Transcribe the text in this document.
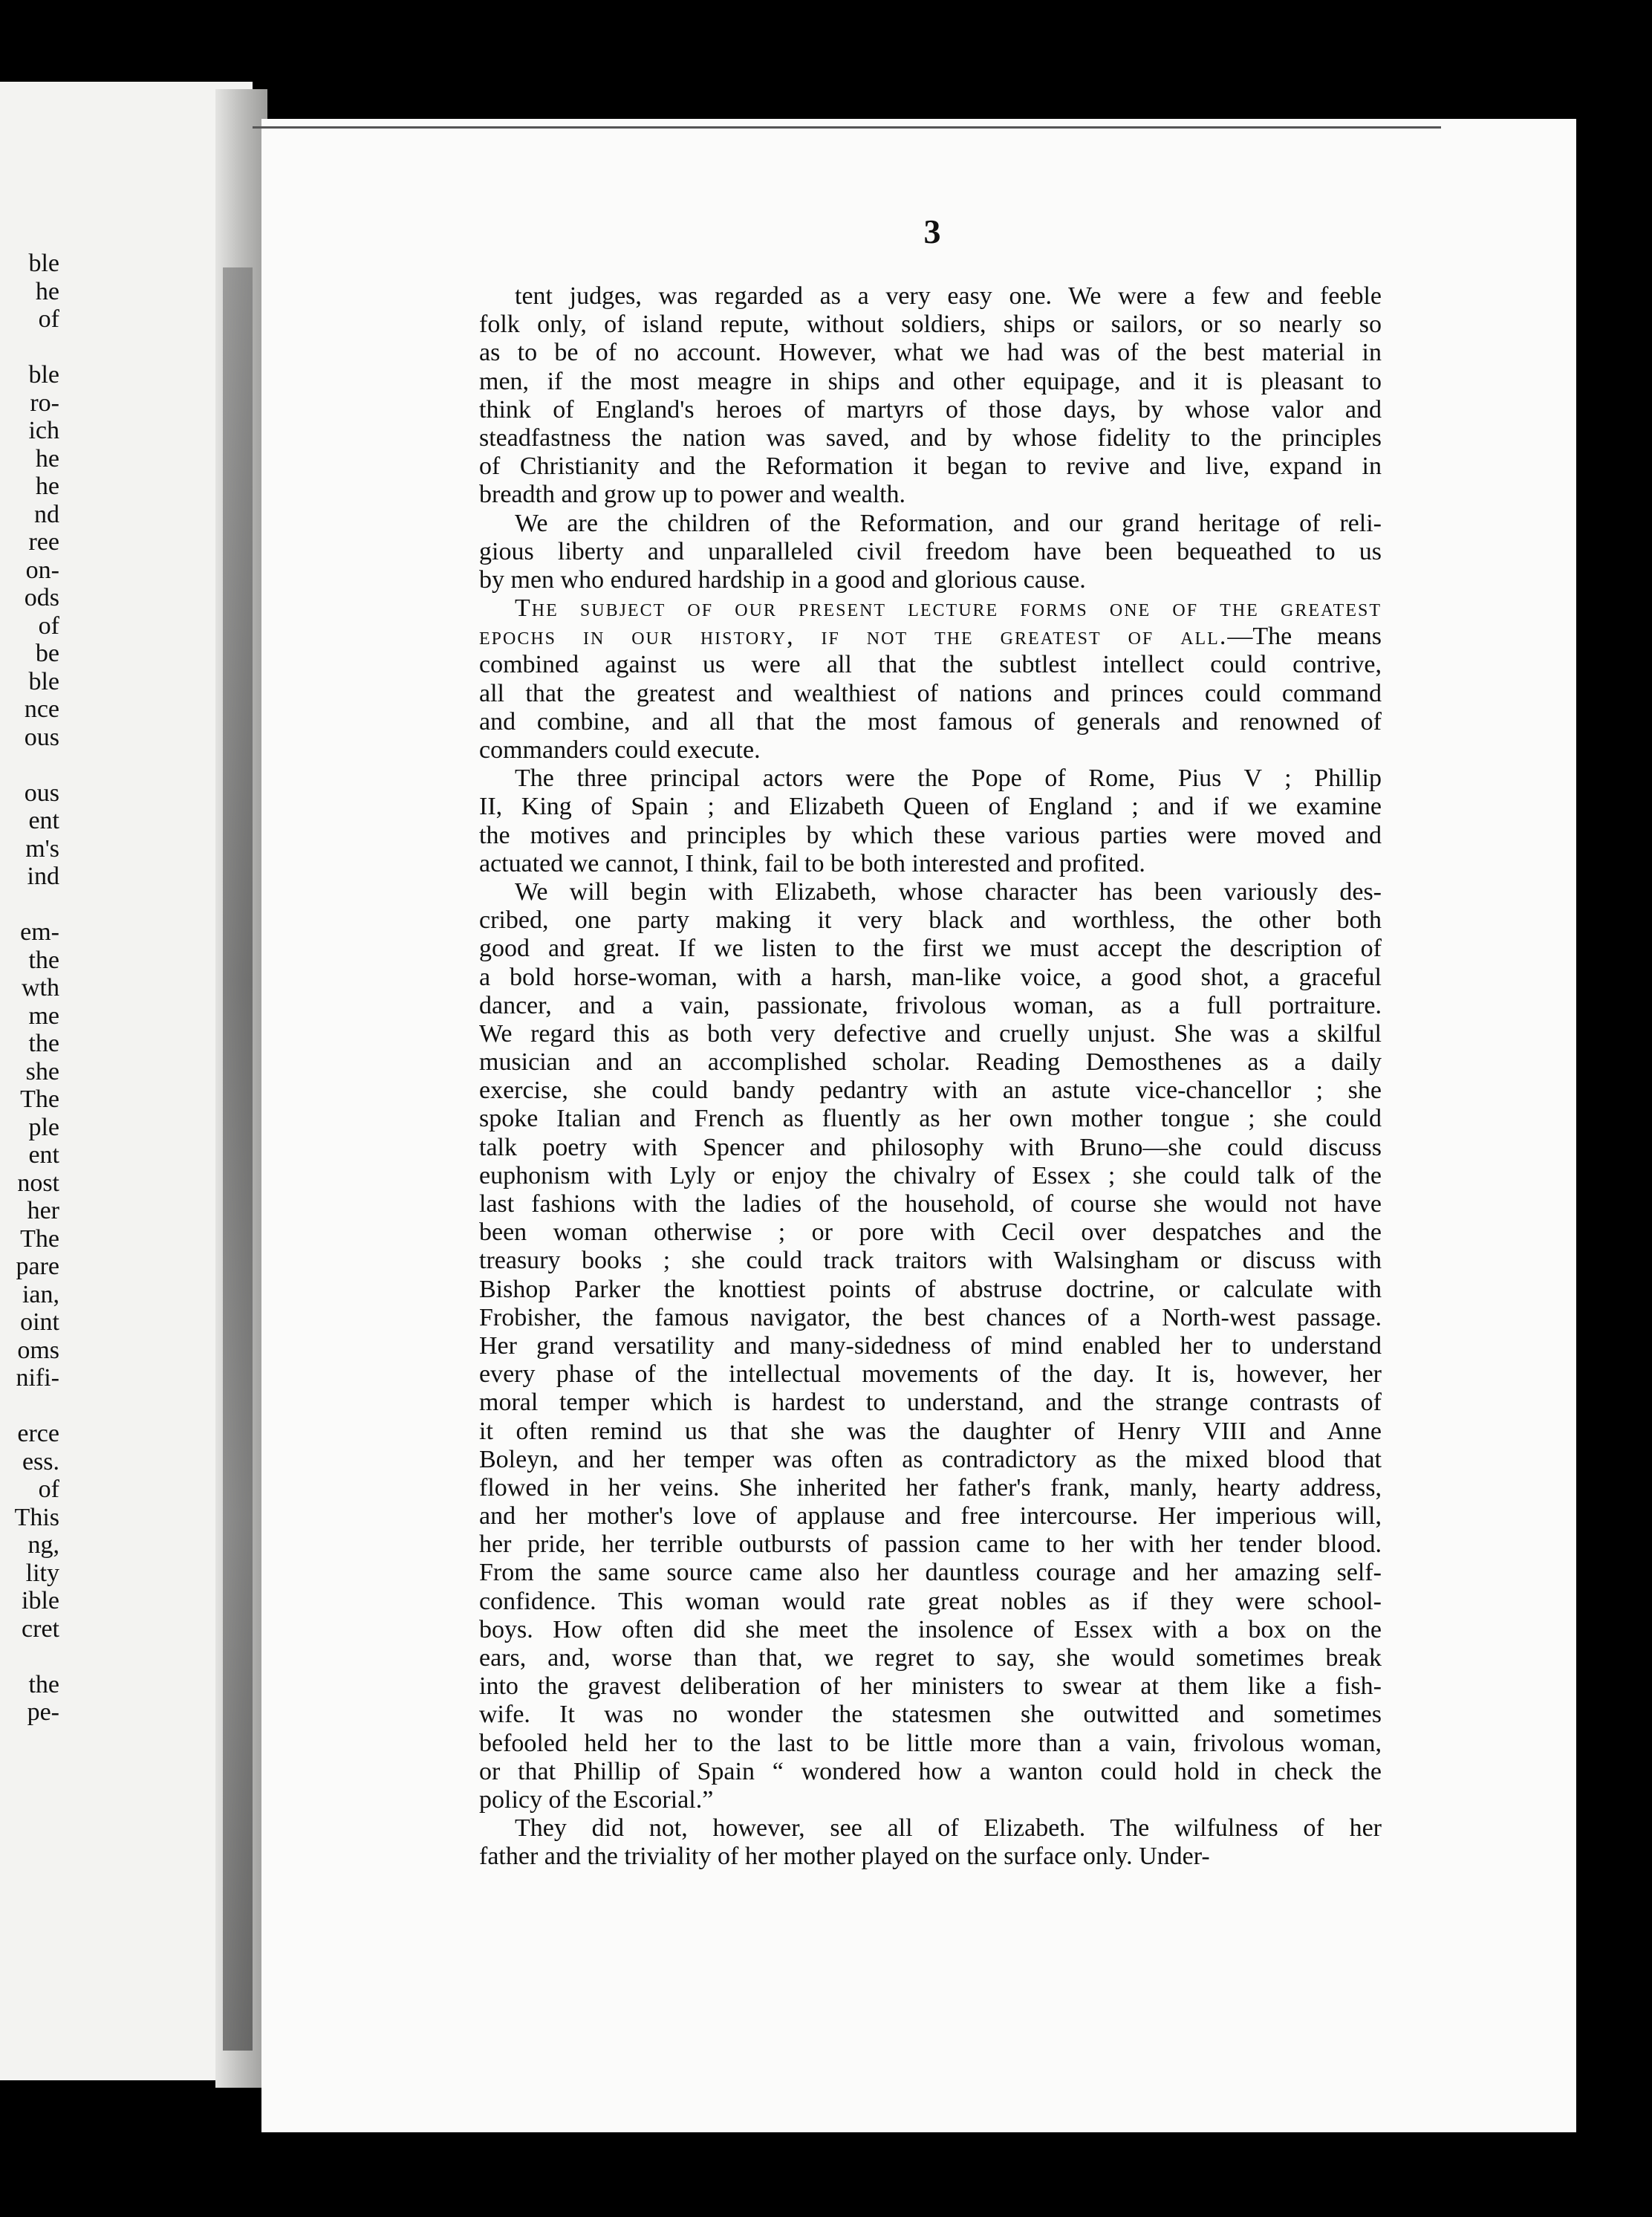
ble
he
of
ble
ro-
ich
he
he
nd
ree
on-
ods
of
be
ble
nce
ous
ous
ent
m's
ind
em-
the
wth
me
the
she
The
ple
ent
nost
her
The
pare
ian,
oint
oms
nifi-
erce
ess.
of
This
ng,
lity
ible
cret
the
pe-
3
tent judges, was regarded as a very easy one. We were a few and feeble
folk only, of island repute, without soldiers, ships or sailors, or so nearly so
as to be of no account. However, what we had was of the best material in
men, if the most meagre in ships and other equipage, and it is pleasant to
think of England's heroes of martyrs of those days, by whose valor and
steadfastness the nation was saved, and by whose fidelity to the principles
of Christianity and the Reformation it began to revive and live, expand in
breadth and grow up to power and wealth.
We are the children of the Reformation, and our grand heritage of reli-
gious liberty and unparalleled civil freedom have been bequeathed to us
by men who endured hardship in a good and glorious cause.
The subject of our present lecture forms one of the greatest
epochs in our history, if not the greatest of all.—The means
combined against us were all that the subtlest intellect could contrive,
all that the greatest and wealthiest of nations and princes could command
and combine, and all that the most famous of generals and renowned of
commanders could execute.
The three principal actors were the Pope of Rome, Pius V ; Phillip
II, King of Spain ; and Elizabeth Queen of England ; and if we examine
the motives and principles by which these various parties were moved and
actuated we cannot, I think, fail to be both interested and profited.
We will begin with Elizabeth, whose character has been variously des-
cribed, one party making it very black and worthless, the other both
good and great. If we listen to the first we must accept the description of
a bold horse-woman, with a harsh, man-like voice, a good shot, a graceful
dancer, and a vain, passionate, frivolous woman, as a full portraiture.
We regard this as both very defective and cruelly unjust. She was a skilful
musician and an accomplished scholar. Reading Demosthenes as a daily
exercise, she could bandy pedantry with an astute vice-chancellor ; she
spoke Italian and French as fluently as her own mother tongue ; she could
talk poetry with Spencer and philosophy with Bruno—she could discuss
euphonism with Lyly or enjoy the chivalry of Essex ; she could talk of the
last fashions with the ladies of the household, of course she would not have
been woman otherwise ; or pore with Cecil over despatches and the
treasury books ; she could track traitors with Walsingham or discuss with
Bishop Parker the knottiest points of abstruse doctrine, or calculate with
Frobisher, the famous navigator, the best chances of a North-west passage.
Her grand versatility and many-sidedness of mind enabled her to understand
every phase of the intellectual movements of the day. It is, however, her
moral temper which is hardest to understand, and the strange contrasts of
it often remind us that she was the daughter of Henry VIII and Anne
Boleyn, and her temper was often as contradictory as the mixed blood that
flowed in her veins. She inherited her father's frank, manly, hearty address,
and her mother's love of applause and free intercourse. Her imperious will,
her pride, her terrible outbursts of passion came to her with her tender blood.
From the same source came also her dauntless courage and her amazing self-
confidence. This woman would rate great nobles as if they were school-
boys. How often did she meet the insolence of Essex with a box on the
ears, and, worse than that, we regret to say, she would sometimes break
into the gravest deliberation of her ministers to swear at them like a fish-
wife. It was no wonder the statesmen she outwitted and sometimes
befooled held her to the last to be little more than a vain, frivolous woman,
or that Phillip of Spain “ wondered how a wanton could hold in check the
policy of the Escorial.”
They did not, however, see all of Elizabeth. The wilfulness of her
father and the triviality of her mother played on the surface only. Under-
